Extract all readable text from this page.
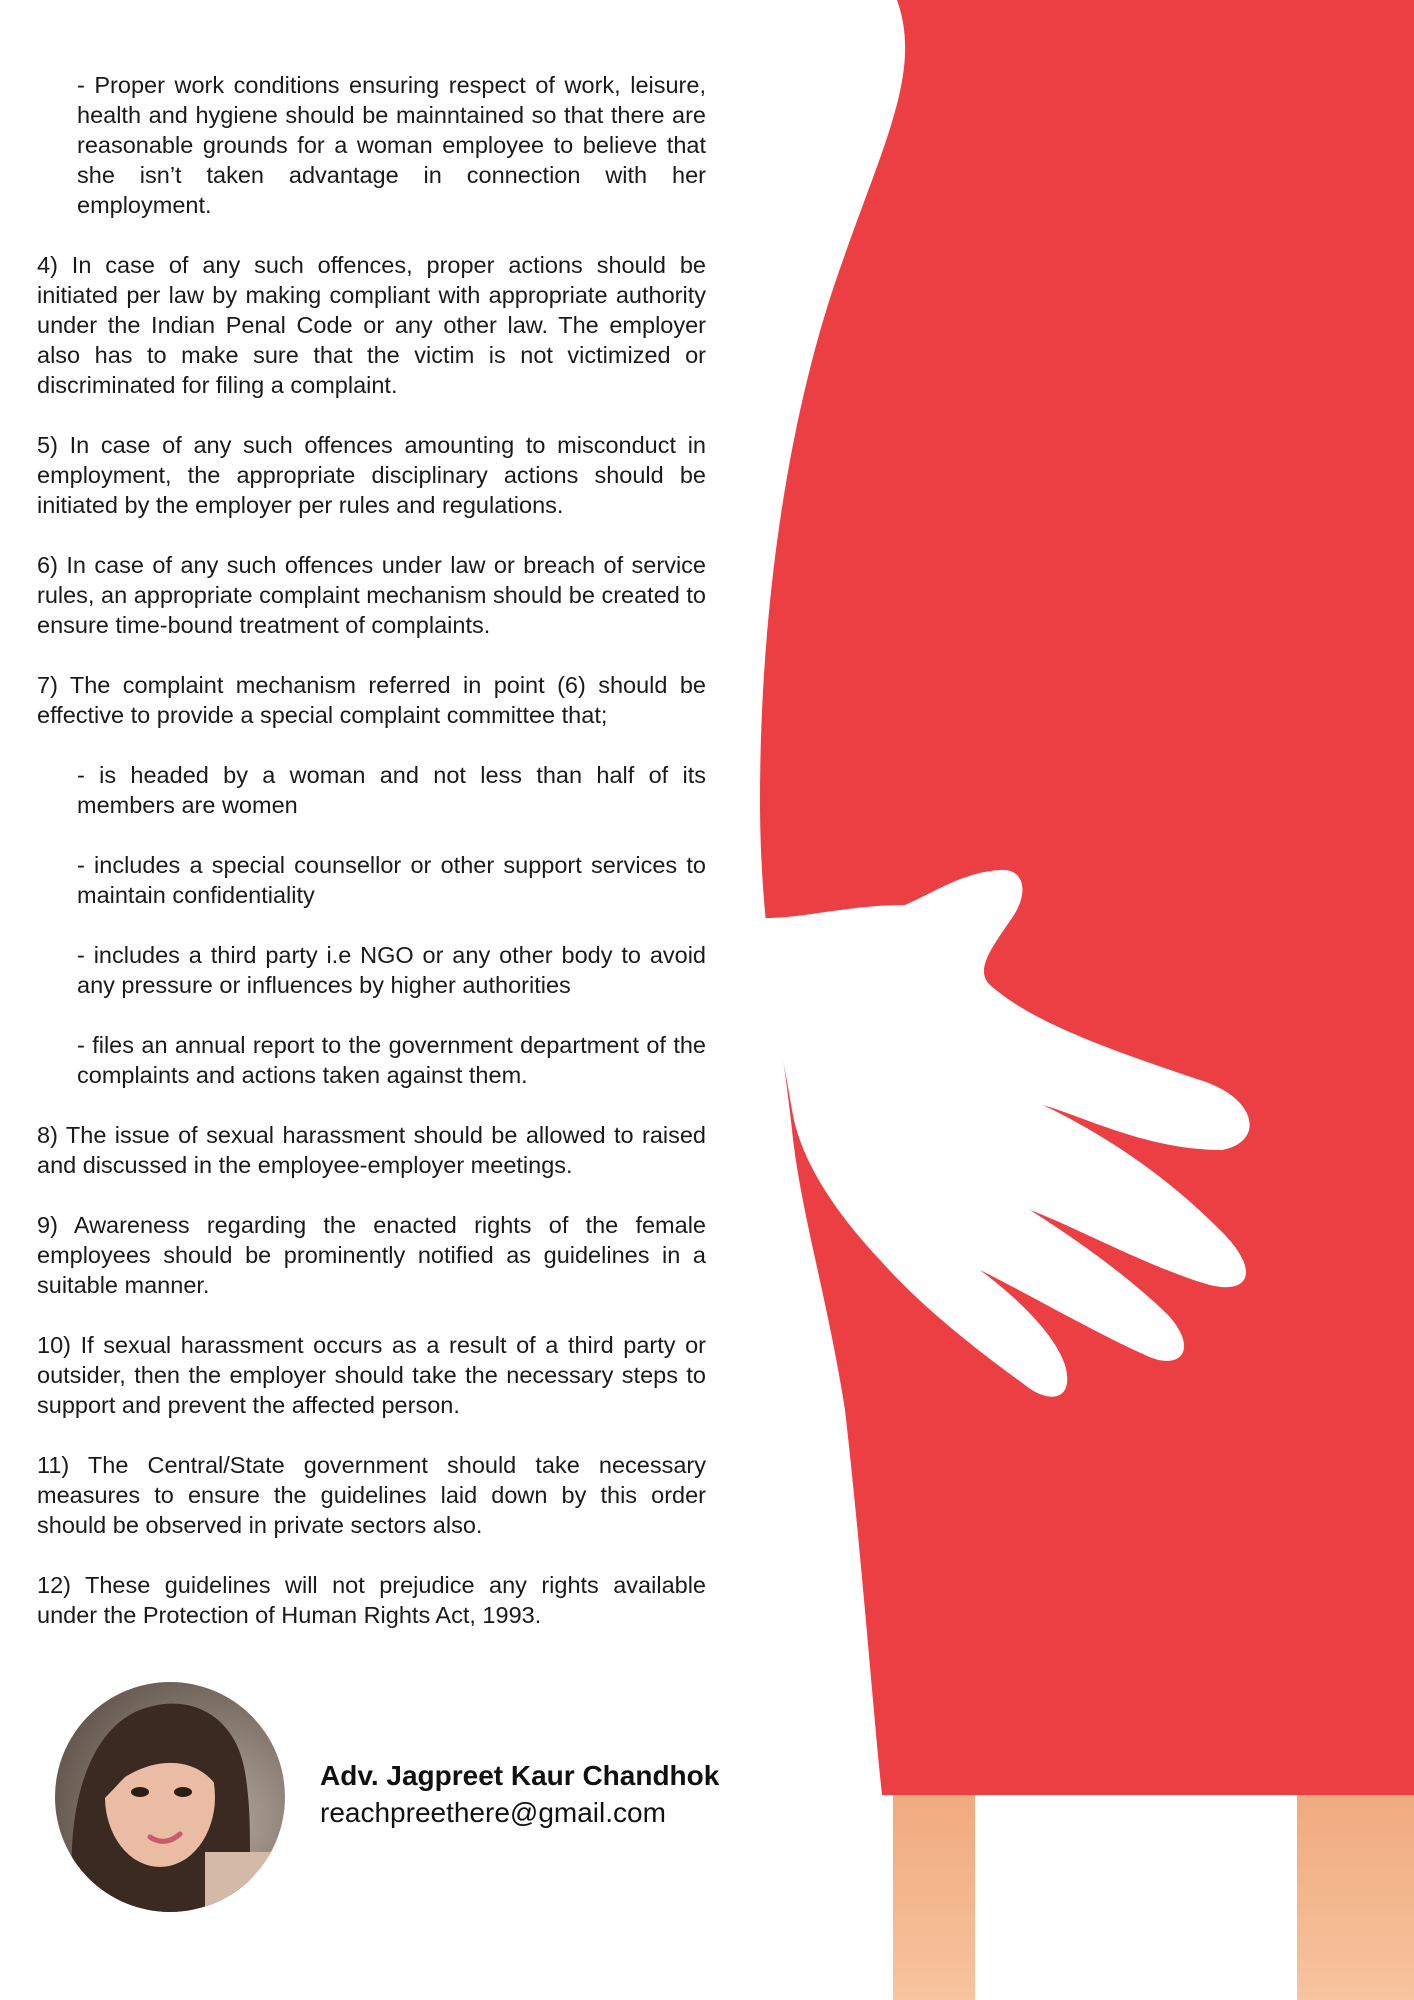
- Proper work conditions ensuring respect of work, leisure, health and hygiene should be mainntained so that there are reasonable grounds for a woman employee to believe that she isn’t taken advantage in connection with her employment.

4) In case of any such offences, proper actions should be initiated per law by making compliant with appropriate authority under the Indian Penal Code or any other law. The employer also has to make sure that the victim is not victimized or discriminated for filing a complaint.

5) In case of any such offences amounting to misconduct in employment, the appropriate disciplinary actions should be initiated by the employer per rules and regulations.

6) In case of any such offences under law or breach of service rules, an appropriate complaint mechanism should be created to ensure time-bound treatment of complaints.

7) The complaint mechanism referred in point (6) should be effective to provide a special complaint committee that;

- is headed by a woman and not less than half of its members are women

- includes a special counsellor or other support services to maintain confidentiality

- includes a third party i.e NGO or any other body to avoid any pressure or influences by higher authorities

- files an annual report to the government department of the complaints and actions taken against them.

8) The issue of sexual harassment should be allowed to raised and discussed in the employee-employer meetings.

9) Awareness regarding the enacted rights of the female employees should be prominently notified as guidelines in a suitable manner.

10) If sexual harassment occurs as a result of a third party or outsider, then the employer should take the necessary steps to support and prevent the affected person.

11) The Central/State government should take necessary measures to ensure the guidelines laid down by this order should be observed in private sectors also.

12) These guidelines will not prejudice any rights available under the Protection of Human Rights Act, 1993.

Adv. Jagpreet Kaur Chandhok
reachpreethere@gmail.com
